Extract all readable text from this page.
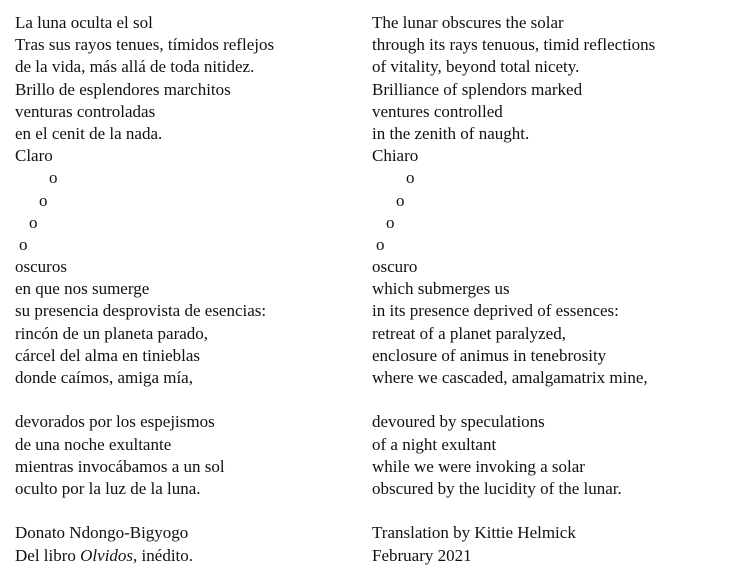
La luna oculta el sol
Tras sus rayos tenues, tímidos reflejos
de la vida, más allá de toda nitidez.
Brillo de esplendores marchitos
venturas controladas
en el cenit de la nada.
Claro
o
o
o
o
oscuros
en que nos sumerge
su presencia desprovista de esencias:
rincón de un planeta parado,
cárcel del alma en tinieblas
donde caímos, amiga mía,
devorados por los espejismos
de una noche exultante
mientras invocábamos a un sol
oculto por la luz de la luna.
Donato Ndongo-Bigyogo
Del libro Olvidos, inédito.
The lunar obscures the solar
through its rays tenuous, timid reflections
of vitality, beyond total nicety.
Brilliance of splendors marked
ventures controlled
in the zenith of naught.
Chiaro
o
o
o
o
oscuro
which submerges us
in its presence deprived of essences:
retreat of a planet paralyzed,
enclosure of animus in tenebrosity
where we cascaded, amalgamatrix mine,
devoured by speculations
of a night exultant
while we were invoking a solar
obscured by the lucidity of the lunar.
Translation by Kittie Helmick
February 2021
